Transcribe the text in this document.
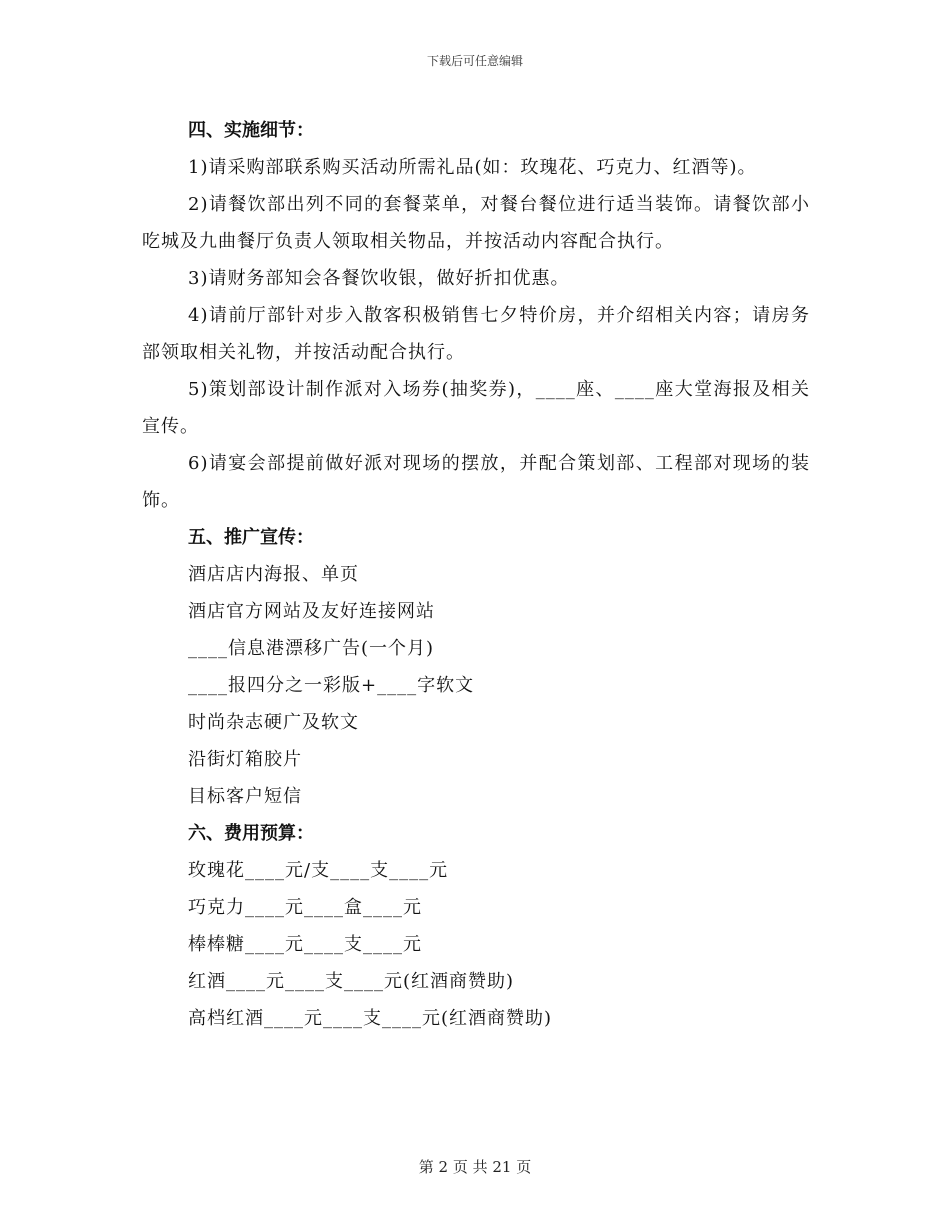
下载后可任意编辑

四、实施细节：

1)请采购部联系购买活动所需礼品(如：玫瑰花、巧克力、红酒等)。

2)请餐饮部出列不同的套餐菜单，对餐台餐位进行适当装饰。请餐饮部小吃城及九曲餐厅负责人领取相关物品，并按活动内容配合执行。

3)请财务部知会各餐饮收银，做好折扣优惠。

4)请前厅部针对步入散客积极销售七夕特价房，并介绍相关内容；请房务部领取相关礼物，并按活动配合执行。

5)策划部设计制作派对入场券(抽奖券)，____座、____座大堂海报及相关宣传。

6)请宴会部提前做好派对现场的摆放，并配合策划部、工程部对现场的装饰。

五、推广宣传：

酒店店内海报、单页

酒店官方网站及友好连接网站

____信息港漂移广告(一个月)

____报四分之一彩版+____字软文

时尚杂志硬广及软文

沿街灯箱胶片

目标客户短信

六、费用预算：

玫瑰花____元/支____支____元

巧克力____元____盒____元

棒棒糖____元____支____元

红酒____元____支____元(红酒商赞助)

高档红酒____元____支____元(红酒商赞助)

第 2 页 共 21 页
